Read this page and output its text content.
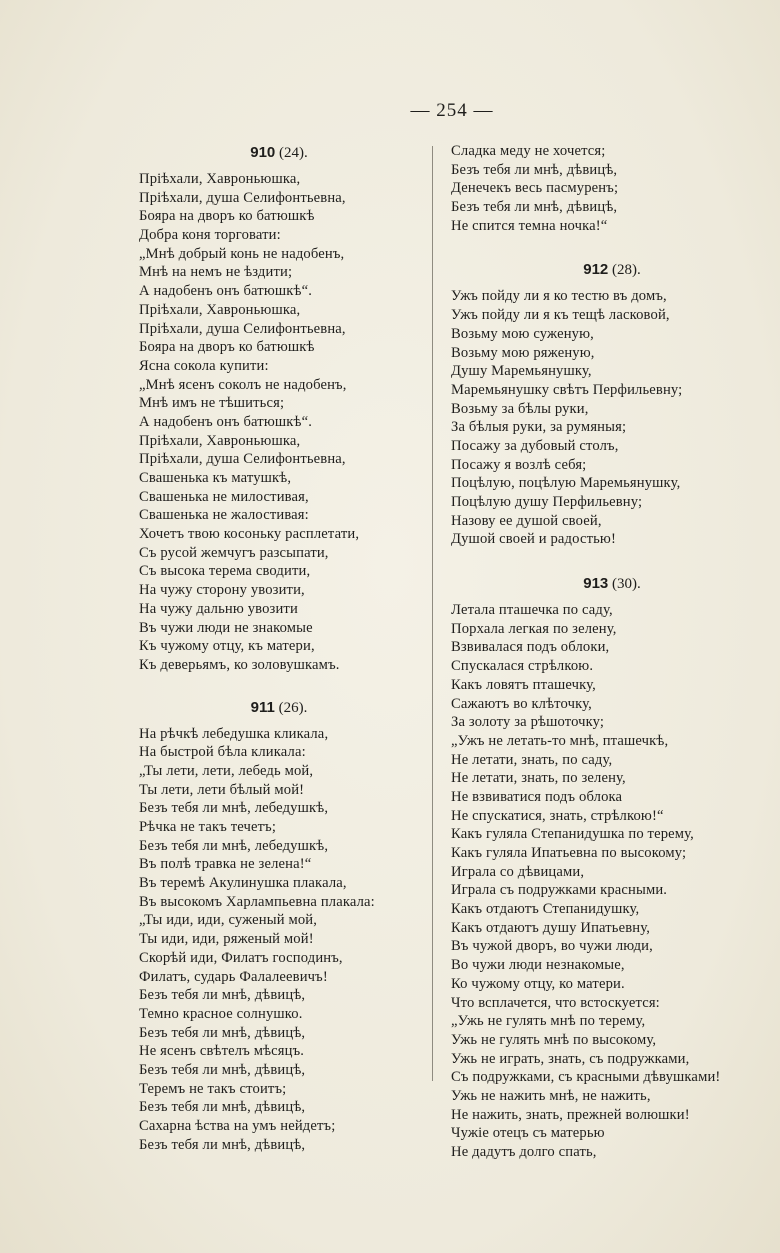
— 254 —
910 (24).
Пріѣхали, Хавроньюшка,
Пріѣхали, душа Селифонтьевна,
Бояра на дворъ ко батюшкѣ
Добра коня торговати:
„Мнѣ добрый конь не надобенъ,
Мнѣ на немъ не ѣздити;
А надобенъ онъ батюшкѣ“.
Пріѣхали, Хавроньюшка,
Пріѣхали, душа Селифонтьевна,
Бояра на дворъ ко батюшкѣ
Ясна сокола купити:
„Мнѣ ясенъ соколъ не надобенъ,
Мнѣ имъ не тѣшиться;
А надобенъ онъ батюшкѣ“.
Пріѣхали, Хавроньюшка,
Пріѣхали, душа Селифонтьевна,
Свашенька къ матушкѣ,
Свашенька не милостивая,
Свашенька не жалостивая:
Хочетъ твою косоньку расплетати,
Съ русой жемчугъ разсыпати,
Съ высока терема сводити,
На чужу сторону увозити,
На чужу дальню увозити
Въ чужи люди не знакомые
Къ чужому отцу, къ матери,
Къ деверьямъ, ко золовушкамъ.
911 (26).
На рѣчкѣ лебедушка кликала,
На быстрой бѣла кликала:
„Ты лети, лети, лебедь мой,
Ты лети, лети бѣлый мой!
Безъ тебя ли мнѣ, лебедушкѣ,
Рѣчка не такъ течетъ;
Безъ тебя ли мнѣ, лебедушкѣ,
Въ полѣ травка не зелена!“
Въ теремѣ Акулинушка плакала,
Въ высокомъ Харлампьевна плакала:
„Ты иди, иди, суженый мой,
Ты иди, иди, ряженый мой!
Скорѣй иди, Филатъ господинъ,
Филатъ, сударь Фалалеевичъ!
Безъ тебя ли мнѣ, дѣвицѣ,
Темно красное солнушко.
Безъ тебя ли мнѣ, дѣвицѣ,
Не ясенъ свѣтелъ мѣсяцъ.
Безъ тебя ли мнѣ, дѣвицѣ,
Теремъ не такъ стоитъ;
Безъ тебя ли мнѣ, дѣвицѣ,
Сахарна ѣства на умъ нейдетъ;
Безъ тебя ли мнѣ, дѣвицѣ,
Сладка меду не хочется;
Безъ тебя ли мнѣ, дѣвицѣ,
Денечекъ весь пасмуренъ;
Безъ тебя ли мнѣ, дѣвицѣ,
Не спится темна ночка!“
912 (28).
Ужъ пойду ли я ко тестю въ домъ,
Ужъ пойду ли я къ тещѣ ласковой,
Возьму мою суженую,
Возьму мою ряженую,
Душу Маремьянушку,
Маремьянушку свѣтъ Перфильевну;
Возьму за бѣлы руки,
За бѣлыя руки, за румяныя;
Посажу за дубовый столъ,
Посажу я возлѣ себя;
Поцѣлую, поцѣлую Маремьянушку,
Поцѣлую душу Перфильевну;
Назову ее душой своей,
Душой своей и радостью!
913 (30).
Летала пташечка по саду,
Порхала легкая по зелену,
Взвивалася подъ облоки,
Спускалася стрѣлкою.
Какъ ловятъ пташечку,
Сажаютъ во клѣточку,
За золоту за рѣшоточку;
„Ужъ не летать-то мнѣ, пташечкѣ,
Не летати, знать, по саду,
Не летати, знать, по зелену,
Не взвиватися подъ облока
Не спускатися, знать, стрѣлкою!“
Какъ гуляла Степанидушка по терему,
Какъ гуляла Ипатьевна по высокому;
Играла со дѣвицами,
Играла съ подружками красными.
Какъ отдаютъ Степанидушку,
Какъ отдаютъ душу Ипатьевну,
Въ чужой дворъ, во чужи люди,
Во чужи люди незнакомые,
Ко чужому отцу, ко матери.
Что всплачется, что встоскуется:
„Ужь не гулять мнѣ по терему,
Ужь не гулять мнѣ по высокому,
Ужь не играть, знать, съ подружками,
Съ подружками, съ красными дѣвушками!
Ужь не нажить мнѣ, не нажить,
Не нажить, знать, прежней волюшки!
Чужіе отецъ съ матерью
Не дадутъ долго спать,
